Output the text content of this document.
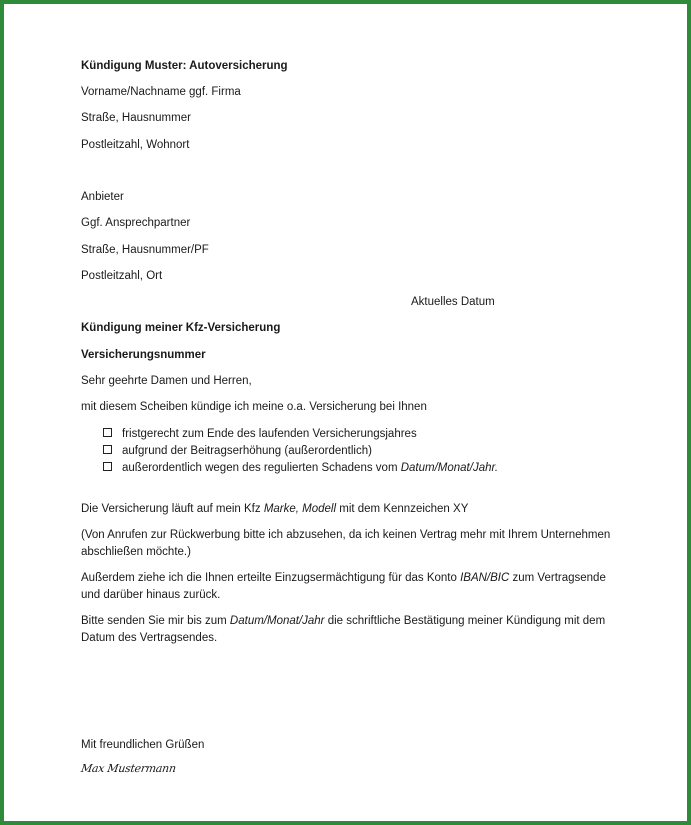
Kündigung Muster: Autoversicherung
Vorname/Nachname ggf. Firma
Straße, Hausnummer
Postleitzahl, Wohnort
Anbieter
Ggf. Ansprechpartner
Straße, Hausnummer/PF
Postleitzahl, Ort
Aktuelles Datum
Kündigung meiner Kfz-Versicherung
Versicherungsnummer
Sehr geehrte Damen und Herren,
mit diesem Scheiben kündige ich meine o.a. Versicherung bei Ihnen
fristgerecht zum Ende des laufenden Versicherungsjahres
aufgrund der Beitragserhöhung (außerordentlich)
außerordentlich wegen des regulierten Schadens vom Datum/Monat/Jahr.
Die Versicherung läuft auf mein Kfz Marke, Modell mit dem Kennzeichen XY
(Von Anrufen zur Rückwerbung bitte ich abzusehen, da ich keinen Vertrag mehr mit Ihrem Unternehmen abschließen möchte.)
Außerdem ziehe ich die Ihnen erteilte Einzugsermächtigung für das Konto IBAN/BIC zum Vertragsende und darüber hinaus zurück.
Bitte senden Sie mir bis zum Datum/Monat/Jahr die schriftliche Bestätigung meiner Kündigung mit dem Datum des Vertragsendes.
Mit freundlichen Grüßen
Max Mustermann
